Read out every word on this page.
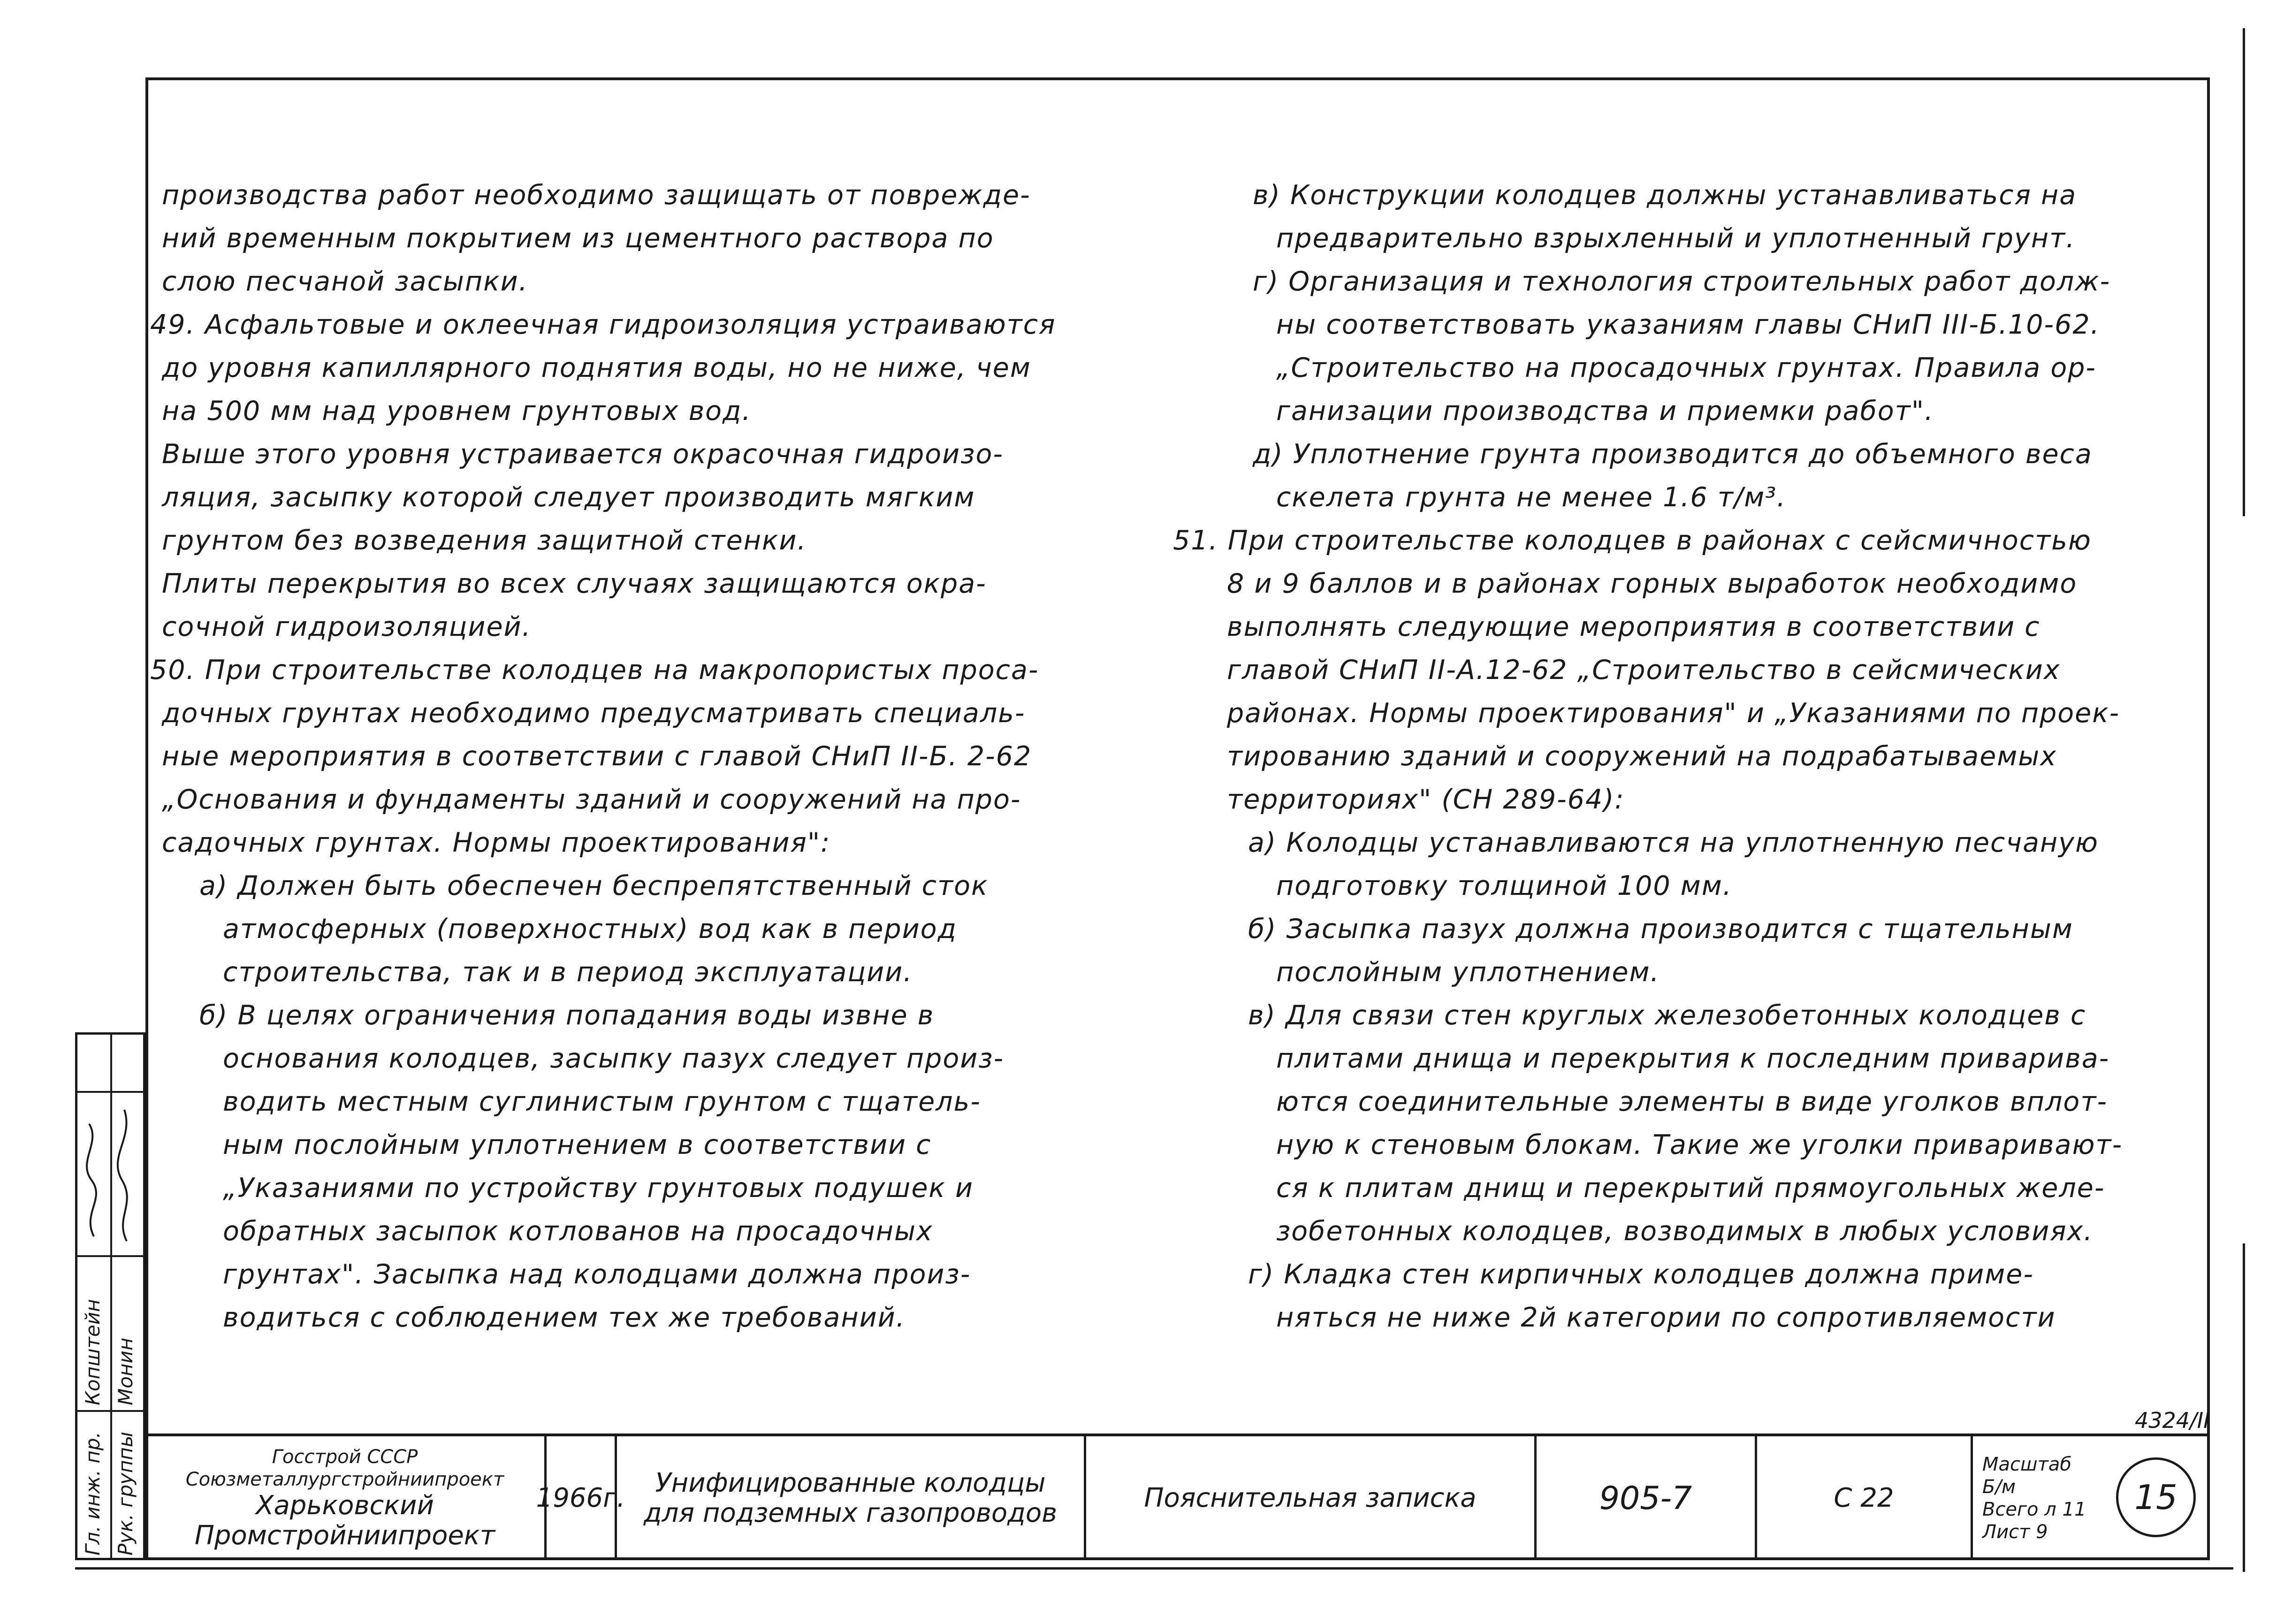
производства работ необходимо защищать от повреждe-
ний временным покрытием из цементного раствора по
слою песчаной засыпки.
49. Асфальтовые и оклеечная гидроизоляция устраиваются
до уровня капиллярного поднятия воды, но не ниже, чем
на 500 мм над уровнем грунтовых вод.
Выше этого уровня устраивается окрасочная гидроизо-
ляция, засыпку которой следует производить мягким
грунтом без возведения защитной стенки.
Плиты перекрытия во всех случаях защищаются окра-
сочной гидроизоляцией.
50. При строительстве колодцев на макропористых проса-
дочных грунтах необходимо предусматривать специаль-
ные мероприятия в соответствии с главой СНиП II-Б. 2-62
„Основания и фундаменты зданий и сооружений на про-
садочных грунтах. Нормы проектирования":
а) Должен быть обеспечен беспрепятственный сток
атмосферных (поверхностных) вод как в период
строительства, так и в период эксплуатации.
б) В целях ограничения попадания воды извне в
основания колодцев, засыпку пазух следует произ-
водить местным суглинистым грунтом с тщатель-
ным послойным уплотнением в соответствии с
„Указаниями по устройству грунтовых подушек и
обратных засыпок котлованов на просадочных
грунтах". Засыпка над колодцами должна произ-
водиться с соблюдением тех же требований.
в) Конструкции колодцев должны устанавливаться на
предварительно взрыхленный и уплотненный грунт.
г) Организация и технология строительных работ долж-
ны соответствовать указаниям главы СНиП III-Б.10-62.
„Строительство на просадочных грунтах. Правила ор-
ганизации производства и приемки работ".
д) Уплотнение грунта производится до объемного веса
скелета грунта не менее 1.6 т/м³.
51. При строительстве колодцев в районах с сейсмичностью
8 и 9 баллов и в районах горных выработок необходимо
выполнять следующие мероприятия в соответствии с
главой СНиП II-А.12-62 „Строительство в сейсмических
районах. Нормы проектирования" и „Указаниями по проек-
тированию зданий и сооружений на подрабатываемых
территориях" (СН 289-64):
а) Колодцы устанавливаются на уплотненную песчаную
подготовку толщиной 100 мм.
б) Засыпка пазух должна производится с тщательным
послойным уплотнением.
в) Для связи стен круглых железобетонных колодцев с
плитами днища и перекрытия к последним приварива-
ются соединительные элементы в виде уголков вплот-
ную к стеновым блокам. Такие же уголки приваривают-
ся к плитам днищ и перекрытий прямоугольных желе-
зобетонных колодцев, возводимых в любых условиях.
г) Кладка стен кирпичных колодцев должна приме-
няться не ниже 2й категории по сопротивляемости
Гл. инж. пр. Рук. группы
Копштейн Монин
4324/II
Госстрой СССР
Союзметаллургстройниипроект
Харьковский
Промстройниипроект
1966г.	Унифицированные колодцы для подземных газопроводов	Пояснительная записка	905-7	С 22
Масштаб
Б/м
Всего л 11
Лист 9
15
